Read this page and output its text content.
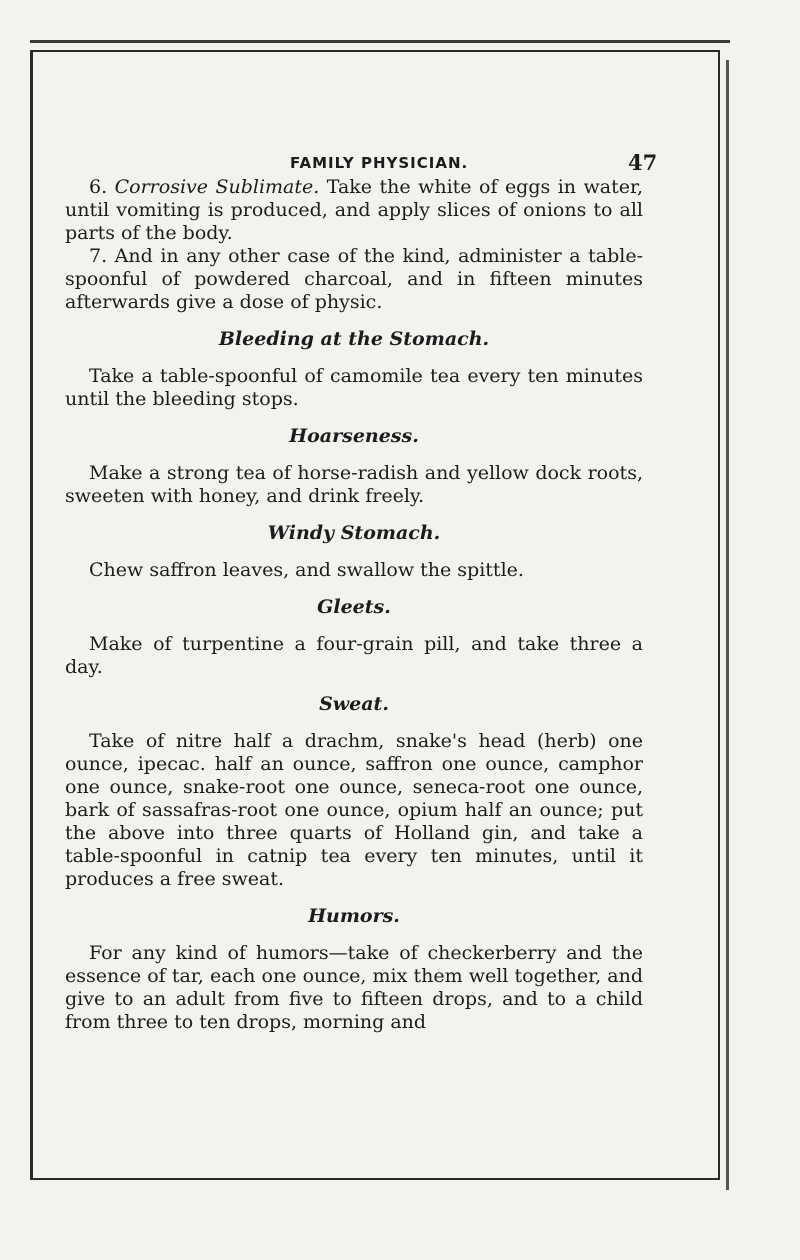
FAMILY PHYSICIAN.	47

6. Corrosive Sublimate. Take the white of eggs in water, until vomiting is produced, and apply slices of onions to all parts of the body.

7. And in any other case of the kind, administer a table-spoonful of powdered charcoal, and in fifteen minutes afterwards give a dose of physic.

Bleeding at the Stomach.

Take a table-spoonful of camomile tea every ten minutes until the bleeding stops.

Hoarseness.

Make a strong tea of horse-radish and yellow dock roots, sweeten with honey, and drink freely.

Windy Stomach.

Chew saffron leaves, and swallow the spittle.

Gleets.

Make of turpentine a four-grain pill, and take three a day.

Sweat.

Take of nitre half a drachm, snake's head (herb) one ounce, ipecac. half an ounce, saffron one ounce, camphor one ounce, snake-root one ounce, seneca-root one ounce, bark of sassafras-root one ounce, opium half an ounce; put the above into three quarts of Holland gin, and take a table-spoonful in catnip tea every ten minutes, until it produces a free sweat.

Humors.

For any kind of humors—take of checkerberry and the essence of tar, each one ounce, mix them well together, and give to an adult from five to fifteen drops, and to a child from three to ten drops, morning and
